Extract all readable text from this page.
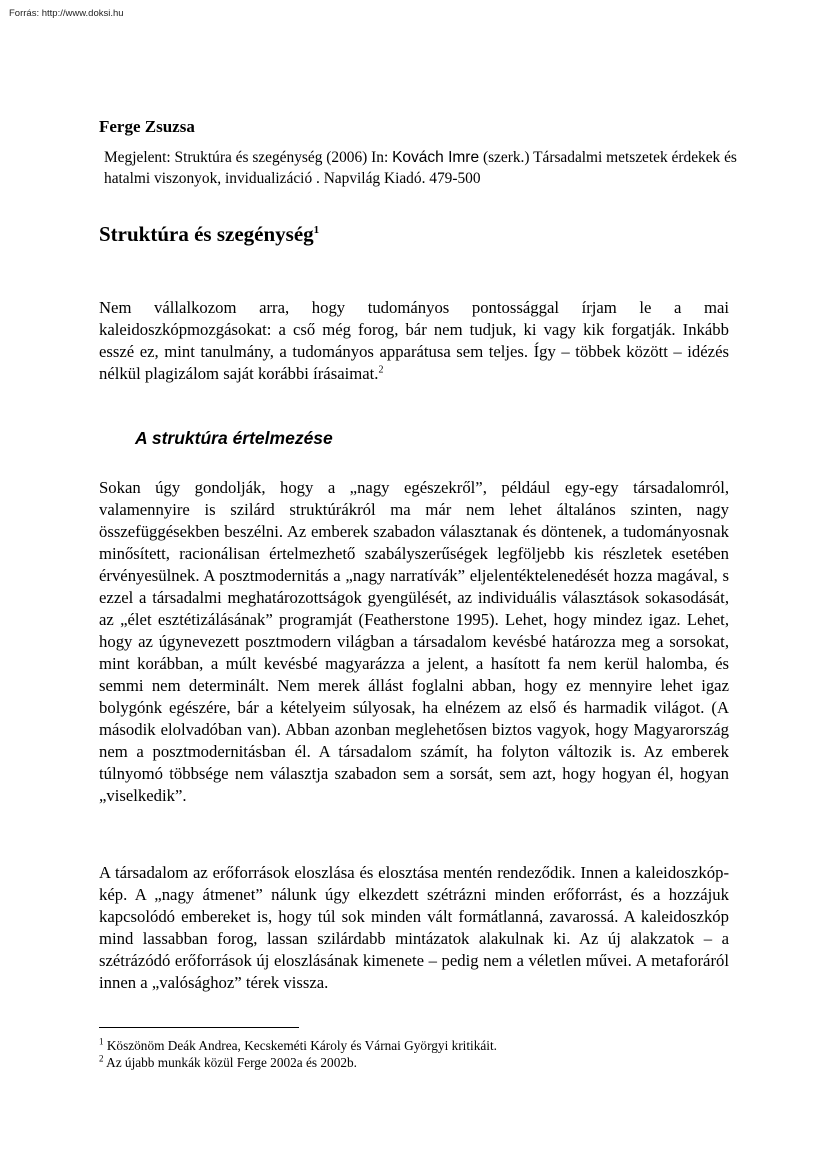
Forrás: http://www.doksi.hu
Ferge Zsuzsa
Megjelent: Struktúra és szegénység (2006) In: Kovách Imre (szerk.) Társadalmi metszetek érdekek és hatalmi viszonyok, invidualizáció . Napvilág Kiadó. 479-500
Struktúra és szegénység$^1$
Nem vállalkozom arra, hogy tudományos pontossággal írjam le a mai kaleidoszkópmozgásokat: a cső még forog, bár nem tudjuk, ki vagy kik forgatják. Inkább esszé ez, mint tanulmány, a tudományos apparátusa sem teljes. Így – többek között – idézés nélkül plagizálom saját korábbi írásaimat.$^2$
A struktúra értelmezése
Sokan úgy gondolják, hogy a „nagy egészekről”, például egy-egy társadalomról, valamennyire is szilárd struktúrákról ma már nem lehet általános szinten, nagy összefüggésekben beszélni. Az emberek szabadon választanak és döntenek, a tudományosnak minősített, racionálisan értelmezhető szabályszerűségek legföljebb kis részletek esetében érvényesülnek. A posztmodernitás a „nagy narratívák” eljelentéktelenedését hozza magával, s ezzel a társadalmi meghatározottságok gyengülését, az individuális választások sokasodását, az „élet esztétizálásának” programját (Featherstone 1995). Lehet, hogy mindez igaz. Lehet, hogy az úgynevezett posztmodern világban a társadalom kevésbé határozza meg a sorsokat, mint korábban, a múlt kevésbé magyarázza a jelent, a hasított fa nem kerül halomba, és semmi nem determinált. Nem merek állást foglalni abban, hogy ez mennyire lehet igaz bolygónk egészére, bár a kételyeim súlyosak, ha elnézem az első és harmadik világot. (A második elolvadóban van). Abban azonban meglehetősen biztos vagyok, hogy Magyarország nem a posztmodernitásban él. A társadalom számít, ha folyton változik is. Az emberek túlnyomó többsége nem választja szabadon sem a sorsát, sem azt, hogy hogyan él, hogyan „viselkedik”.
A társadalom az erőforrások eloszlása és elosztása mentén rendeződik. Innen a kaleidoszkóp-kép. A „nagy átmenet” nálunk úgy elkezdett szétrázni minden erőforrást, és a hozzájuk kapcsolódó embereket is, hogy túl sok minden vált formátlanná, zavarossá. A kaleidoszkóp mind lassabban forog, lassan szilárdabb mintázatok alakulnak ki. Az új alakzatok – a szétrázódó erőforrások új eloszlásának kimenete – pedig nem a véletlen művei. A metaforáról innen a „valósághoz” térek vissza.
$^1$ Köszönöm Deák Andrea, Kecskeméti Károly és Várnai Györgyi kritikáit.
$^2$ Az újabb munkák közül Ferge 2002a és 2002b.
